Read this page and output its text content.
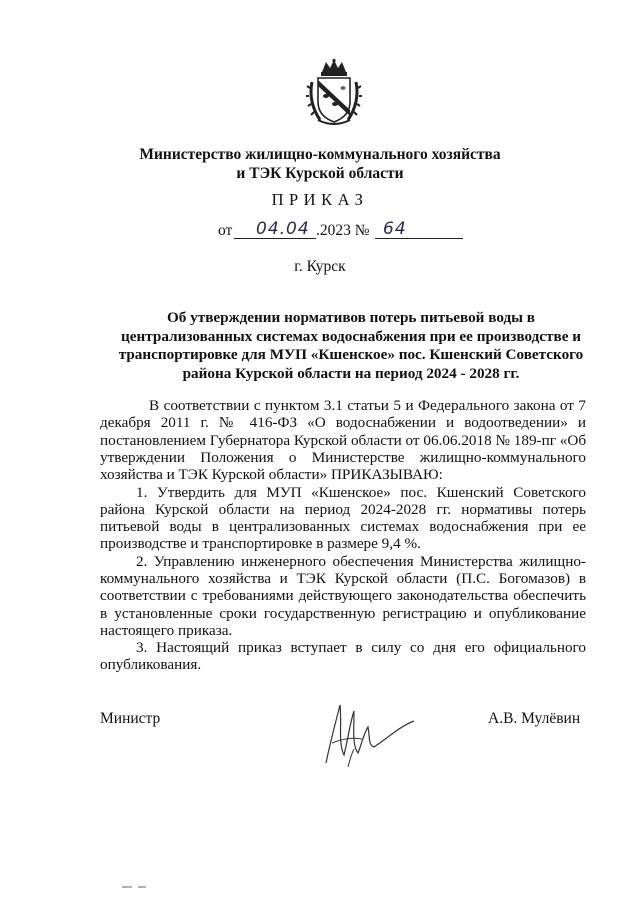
Министерство жилищно-коммунального хозяйства
и ТЭК Курской области
ПРИКАЗ
от 04.04 .2023 № 64
г. Курск
Об утверждении нормативов потерь питьевой воды в
централизованных системах водоснабжения при ее производстве и
транспортировке для МУП «Кшенское» пос. Кшенский Советского
района Курской области на период 2024 - 2028 гг.
В соответствии с пунктом 3.1 статьи 5 и Федерального закона от 7
декабря 2011 г. № 416-ФЗ «О водоснабжении и водоотведении» и
постановлением Губернатора Курской области от 06.06.2018 № 189-пг «Об
утверждении Положения о Министерстве жилищно-коммунального
хозяйства и ТЭК Курской области» ПРИКАЗЫВАЮ:
1. Утвердить для МУП «Кшенское» пос. Кшенский Советского
района Курской области на период 2024-2028 гг. нормативы потерь
питьевой воды в централизованных системах водоснабжения при ее
производстве и транспортировке в размере 9,4 %.
2. Управлению инженерного обеспечения Министерства жилищно-
коммунального хозяйства и ТЭК Курской области (П.С. Богомазов) в
соответствии с требованиями действующего законодательства обеспечить
в установленные сроки государственную регистрацию и опубликование
настоящего приказа.
3. Настоящий приказ вступает в силу со дня его официального
опубликования.
Министр	А.В. Мулёвин
